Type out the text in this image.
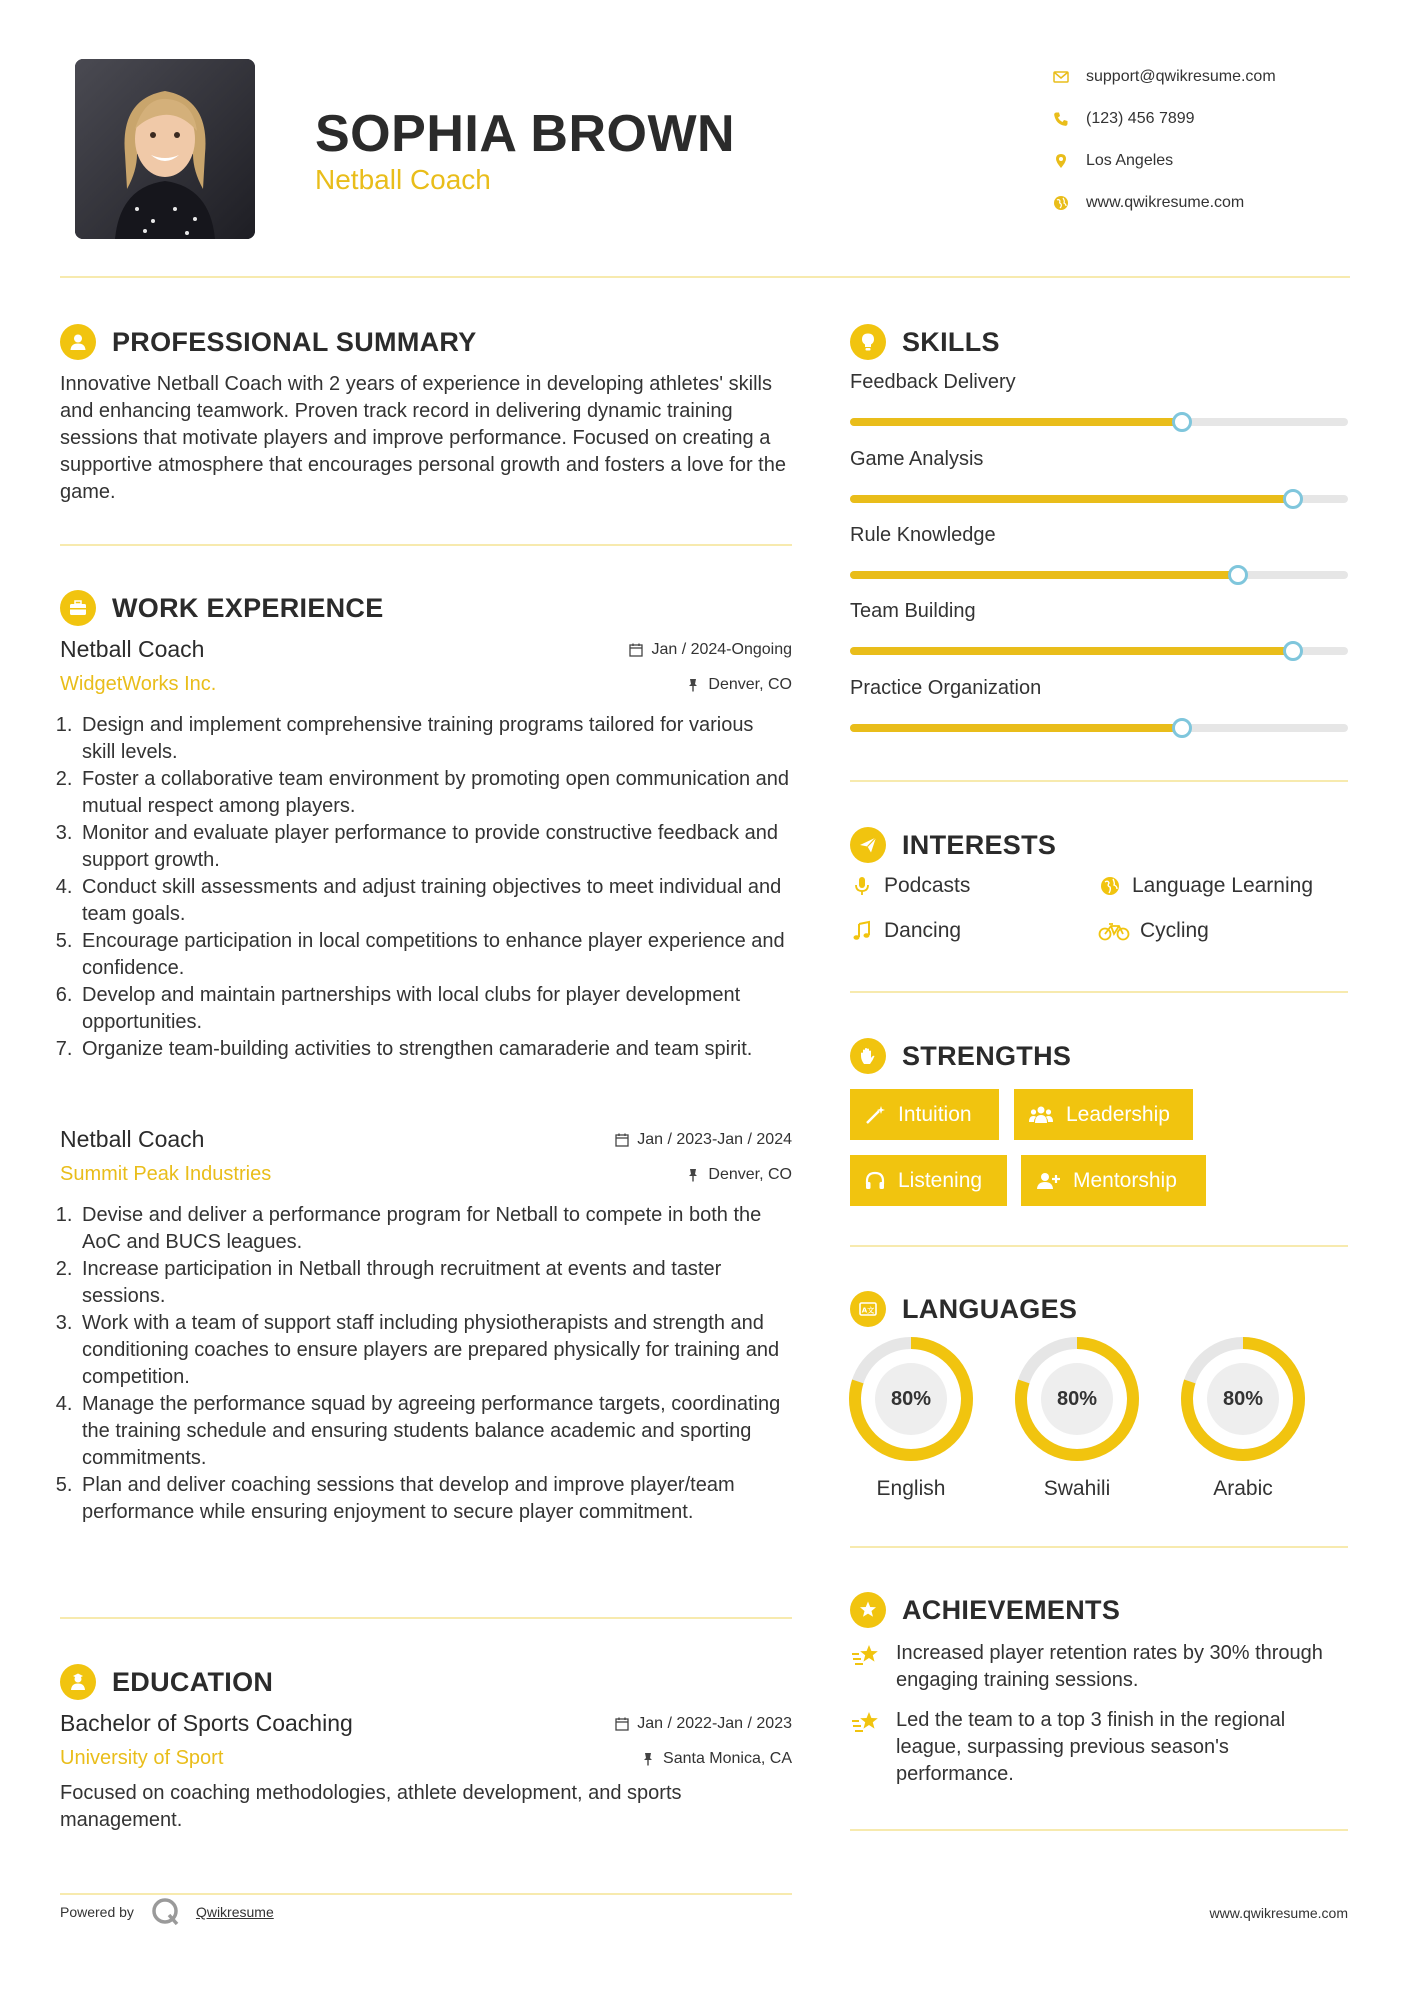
SOPHIA BROWN
Netball Coach
support@qwikresume.com
(123) 456 7899
Los Angeles
www.qwikresume.com
PROFESSIONAL SUMMARY
Innovative Netball Coach with 2 years of experience in developing athletes' skills and enhancing teamwork. Proven track record in delivering dynamic training sessions that motivate players and improve performance. Focused on creating a supportive atmosphere that encourages personal growth and fosters a love for the game.
WORK EXPERIENCE
Netball Coach	Jan / 2024-Ongoing
WidgetWorks Inc.	Denver, CO
1. Design and implement comprehensive training programs tailored for various skill levels.
2. Foster a collaborative team environment by promoting open communication and mutual respect among players.
3. Monitor and evaluate player performance to provide constructive feedback and support growth.
4. Conduct skill assessments and adjust training objectives to meet individual and team goals.
5. Encourage participation in local competitions to enhance player experience and confidence.
6. Develop and maintain partnerships with local clubs for player development opportunities.
7. Organize team-building activities to strengthen camaraderie and team spirit.
Netball Coach	Jan / 2023-Jan / 2024
Summit Peak Industries	Denver, CO
1. Devise and deliver a performance program for Netball to compete in both the AoC and BUCS leagues.
2. Increase participation in Netball through recruitment at events and taster sessions.
3. Work with a team of support staff including physiotherapists and strength and conditioning coaches to ensure players are prepared physically for training and competition.
4. Manage the performance squad by agreeing performance targets, coordinating the training schedule and ensuring students balance academic and sporting commitments.
5. Plan and deliver coaching sessions that develop and improve player/team performance while ensuring enjoyment to secure player commitment.
EDUCATION
Bachelor of Sports Coaching	Jan / 2022-Jan / 2023
University of Sport	Santa Monica, CA
Focused on coaching methodologies, athlete development, and sports management.
SKILLS
Feedback Delivery
Game Analysis
Rule Knowledge
Team Building
Practice Organization
INTERESTS
Podcasts	Language Learning
Dancing	Cycling
STRENGTHS
Intuition	Leadership
Listening	Mentorship
A文 LANGUAGES
80%
English
80%
Swahili
80%
Arabic
ACHIEVEMENTS
Increased player retention rates by 30% through engaging training sessions.
Led the team to a top 3 finish in the regional league, surpassing previous season's performance.
Powered by	Qwikresume	www.qwikresume.com
